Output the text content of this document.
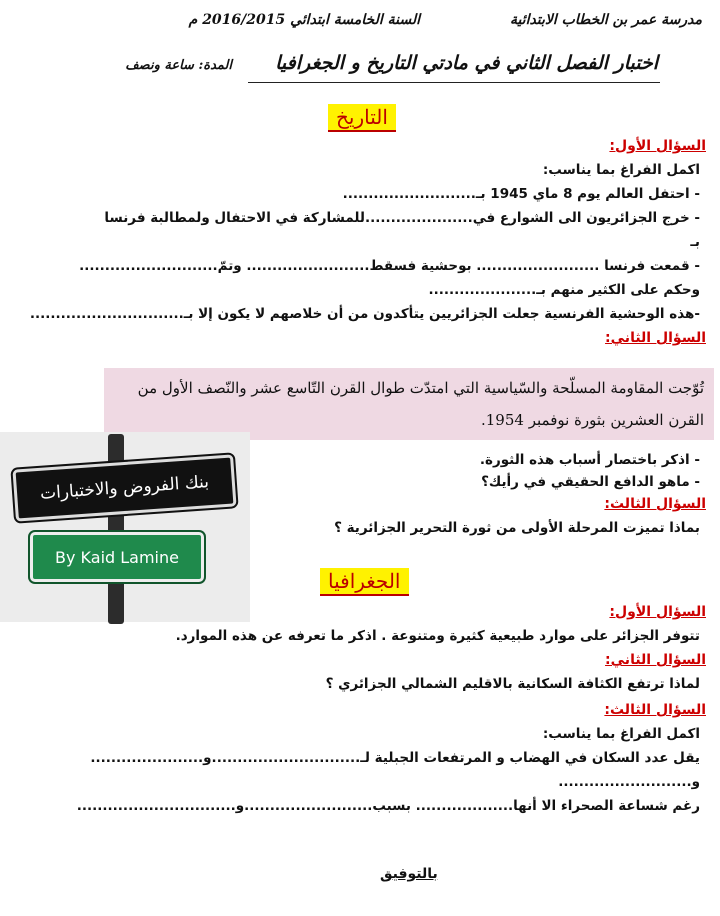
مدرسة عمر بن الخطاب الابتدائية
السنة الخامسة ابتدائي 2016/2015 م
اختبار الفصل الثاني في مادتي التاريخ و الجغرافيا
المدة: ساعة ونصف
التاريخ
السؤال الأول:
اكمل الفراغ بما يناسب:
- احتفل العالم يوم 8 ماي 1945 بـ..........................
- خرج الجزائريون الى الشوارع في.....................للمشاركة في الاحتفال ولمطالبة فرنسا
بـ
- قمعت فرنسا ........................ بوحشية فسقط........................ وتمّ...........................
وحكم على الكثير منهم بـ.....................
-هذه الوحشية الفرنسية جعلت الجزائريين يتأكدون من أن خلاصهم لا يكون إلا بـ..............................
السؤال الثاني:
تُوّجت المقاومة المسلّحة والسّياسية التي امتدّت طوال القرن التّاسع عشر والنّصف الأول من
القرن العشرين بثورة نوفمبر 1954.
- اذكر باختصار أسباب هذه الثورة.
- ماهو الدافع الحقيقي في رأيك؟
السؤال الثالث:
بماذا تميزت المرحلة الأولى من ثورة التحرير الجزائرية ؟
بنك الفروض والاختبارات
By Kaid Lamine
الجغرافيا
السؤال الأول:
تتوفر الجزائر على موارد طبيعية كثيرة ومتنوعة . اذكر ما تعرفه عن هذه الموارد.
السؤال الثاني:
لماذا ترتفع الكثافة السكانية بالاقليم الشمالي الجزائري ؟
السؤال الثالث:
اكمل الفراغ بما يناسب:
يقل عدد السكان في الهضاب و المرتفعات الجبلية لـ.............................و......................
و..........................
رغم شساعة الصحراء الا أنها................... بسبب.........................و...............................
بالتوفيق
